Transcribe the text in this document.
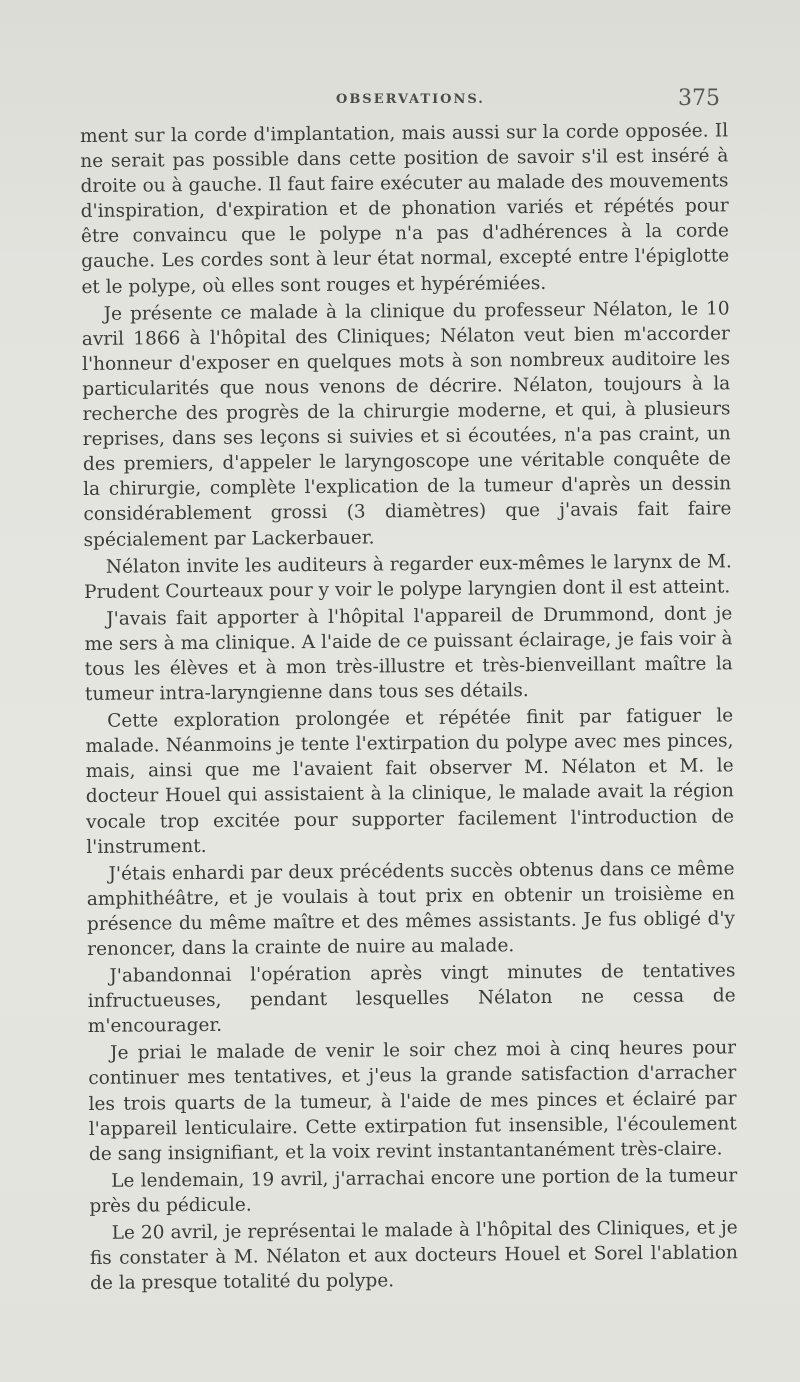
OBSERVATIONS.	375

ment sur la corde d'implantation, mais aussi sur la corde opposée. Il ne serait pas possible dans cette position de savoir s'il est inséré à droite ou à gauche. Il faut faire exécuter au malade des mouvements d'inspiration, d'expiration et de phonation variés et répétés pour être convaincu que le polype n'a pas d'adhérences à la corde gauche. Les cordes sont à leur état normal, excepté entre l'épiglotte et le polype, où elles sont rouges et hypérémiées.

Je présente ce malade à la clinique du professeur Nélaton, le 10 avril 1866 à l'hôpital des Cliniques; Nélaton veut bien m'accorder l'honneur d'exposer en quelques mots à son nombreux auditoire les particularités que nous venons de décrire. Nélaton, toujours à la recherche des progrès de la chirurgie moderne, et qui, à plusieurs reprises, dans ses leçons si suivies et si écoutées, n'a pas craint, un des premiers, d'appeler le laryngoscope une véritable conquête de la chirurgie, complète l'explication de la tumeur d'après un dessin considérablement grossi (3 diamètres) que j'avais fait faire spécialement par Lackerbauer.

Nélaton invite les auditeurs à regarder eux-mêmes le larynx de M. Prudent Courteaux pour y voir le polype laryngien dont il est atteint.

J'avais fait apporter à l'hôpital l'appareil de Drummond, dont je me sers à ma clinique. A l'aide de ce puissant éclairage, je fais voir à tous les élèves et à mon très-illustre et très-bienveillant maître la tumeur intra-laryngienne dans tous ses détails.

Cette exploration prolongée et répétée finit par fatiguer le malade. Néanmoins je tente l'extirpation du polype avec mes pinces, mais, ainsi que me l'avaient fait observer M. Nélaton et M. le docteur Houel qui assistaient à la clinique, le malade avait la région vocale trop excitée pour supporter facilement l'introduction de l'instrument.

J'étais enhardi par deux précédents succès obtenus dans ce même amphithéâtre, et je voulais à tout prix en obtenir un troisième en présence du même maître et des mêmes assistants. Je fus obligé d'y renoncer, dans la crainte de nuire au malade.

J'abandonnai l'opération après vingt minutes de tentatives infructueuses, pendant lesquelles Nélaton ne cessa de m'encourager.

Je priai le malade de venir le soir chez moi à cinq heures pour continuer mes tentatives, et j'eus la grande satisfaction d'arracher les trois quarts de la tumeur, à l'aide de mes pinces et éclairé par l'appareil lenticulaire. Cette extirpation fut insensible, l'écoulement de sang insignifiant, et la voix revint instantantanément très-claire.

Le lendemain, 19 avril, j'arrachai encore une portion de la tumeur près du pédicule.

Le 20 avril, je représentai le malade à l'hôpital des Cliniques, et je fis constater à M. Nélaton et aux docteurs Houel et Sorel l'ablation de la presque totalité du polype.
